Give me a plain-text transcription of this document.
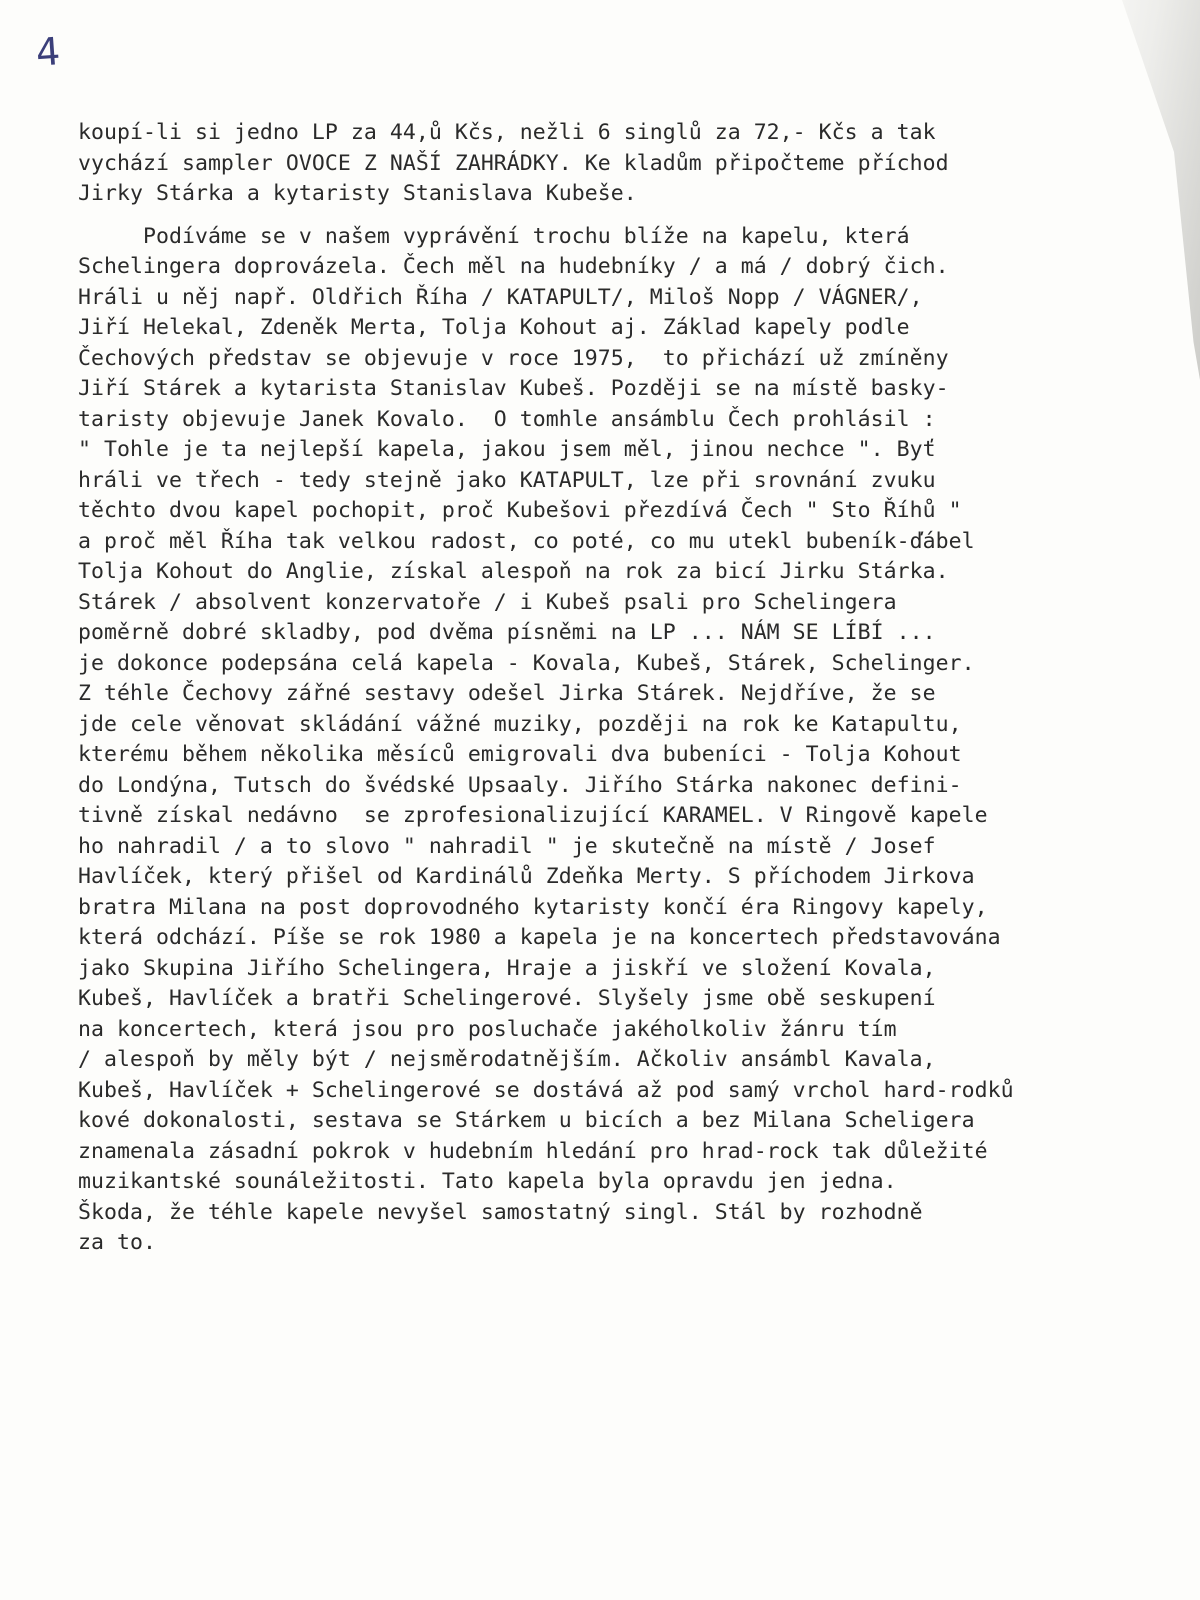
4
koupí-li si jedno LP za 44,ů Kčs, nežli 6 singlů za 72,- Kčs a tak
vychází sampler OVOCE Z NAŠÍ ZAHRÁDKY. Ke kladům připočteme příchod
Jirky Stárka a kytaristy Stanislava Kubeše.
Podíváme se v našem vyprávění trochu blíže na kapelu, která
Schelingera doprovázela. Čech měl na hudebníky / a má / dobrý čich.
Hráli u něj např. Oldřich Říha / KATAPULT/, Miloš Nopp / VÁGNER/,
Jiří Helekal, Zdeněk Merta, Tolja Kohout aj. Základ kapely podle
Čechových představ se objevuje v roce 1975,  to přichází už zmíněny
Jiří Stárek a kytarista Stanislav Kubeš. Později se na místě basky-
taristy objevuje Janek Kovalo.  O tomhle ansámblu Čech prohlásil :
" Tohle je ta nejlepší kapela, jakou jsem měl, jinou nechce ". Byť
hráli ve třech - tedy stejně jako KATAPULT, lze při srovnání zvuku
těchto dvou kapel pochopit, proč Kubešovi přezdívá Čech " Sto Říhů "
a proč měl Říha tak velkou radost, co poté, co mu utekl bubeník-ďábel
Tolja Kohout do Anglie, získal alespoň na rok za bicí Jirku Stárka.
Stárek / absolvent konzervatoře / i Kubeš psali pro Schelingera
poměrně dobré skladby, pod dvěma písněmi na LP ... NÁM SE LÍBÍ ...
je dokonce podepsána celá kapela - Kovala, Kubeš, Stárek, Schelinger.
Z téhle Čechovy zářné sestavy odešel Jirka Stárek. Nejdříve, že se
jde cele věnovat skládání vážné muziky, později na rok ke Katapultu,
kterému během několika měsíců emigrovali dva bubeníci - Tolja Kohout
do Londýna, Tutsch do švédské Upsaaly. Jiřího Stárka nakonec defini-
tivně získal nedávno  se zprofesionalizující KARAMEL. V Ringově kapele
ho nahradil / a to slovo " nahradil " je skutečně na místě / Josef
Havlíček, který přišel od Kardinálů Zdeňka Merty. S příchodem Jirkova
bratra Milana na post doprovodného kytaristy končí éra Ringovy kapely,
která odchází. Píše se rok 1980 a kapela je na koncertech představována
jako Skupina Jiřího Schelingera, Hraje a jiskří ve složení Kovala,
Kubeš, Havlíček a bratři Schelingerové. Slyšely jsme obě seskupení
na koncertech, která jsou pro posluchače jakéholkoliv žánru tím
/ alespoň by měly být / nejsměrodatnějším. Ačkoliv ansámbl Kavala,
Kubeš, Havlíček + Schelingerové se dostává až pod samý vrchol hard-rodků
kové dokonalosti, sestava se Stárkem u bicích a bez Milana Scheligera
znamenala zásadní pokrok v hudebním hledání pro hrad-rock tak důležité
muzikantské sounáležitosti. Tato kapela byla opravdu jen jedna.
Škoda, že téhle kapele nevyšel samostatný singl. Stál by rozhodně
za to.
